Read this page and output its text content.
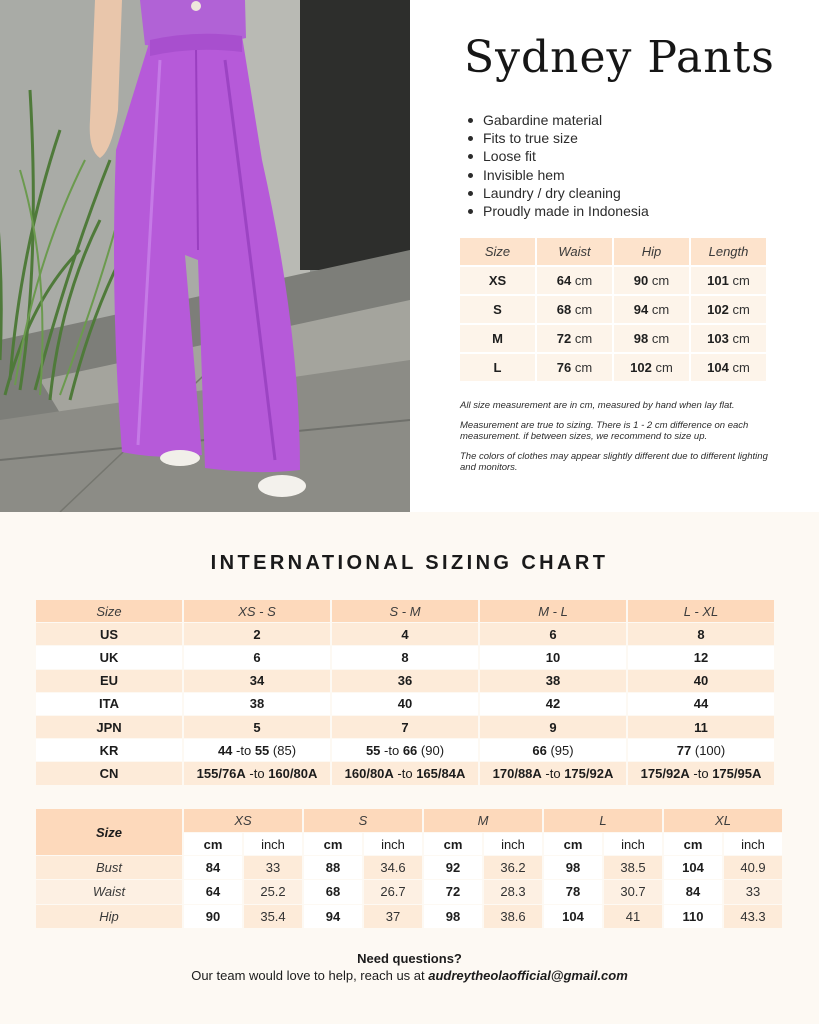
Sydney Pants
Gabardine material
Fits to true size
Loose fit
Invisible hem
Laundry / dry cleaning
Proudly made in Indonesia
Size	Waist	Hip	Length
XS	64 cm	90 cm	101 cm
S	68 cm	94 cm	102 cm
M	72 cm	98 cm	103 cm
L	76 cm	102 cm	104 cm

All size measurement are in cm, measured by hand when lay flat.

Measurement are true to sizing. There is 1 - 2 cm difference on each measurement. if between sizes, we recommend to size up.

The colors of clothes may appear slightly different due to different lighting and monitors.

INTERNATIONAL SIZING CHART
Size	XS - S	S - M	M - L	L - XL
US	2	4	6	8
UK	6	8	10	12
EU	34	36	38	40
ITA	38	40	42	44
JPN	5	7	9	11
KR	44 -to 55 (85)	55 -to 66 (90)	66 (95)	77 (100)
CN	155/76A -to 160/80A	160/80A -to 165/84A	170/88A -to 175/92A	175/92A -to 175/95A
Size	XS		S		M		L		XL	
	cm	inch	cm	inch	cm	inch	cm	inch	cm	inch
Bust	84	33	88	34.6	92	36.2	98	38.5	104	40.9
Waist	64	25.2	68	26.7	72	28.3	78	30.7	84	33
Hip	90	35.4	94	37	98	38.6	104	41	110	43.3
Need questions?
Our team would love to help, reach us at audreytheolaofficial@gmail.com
